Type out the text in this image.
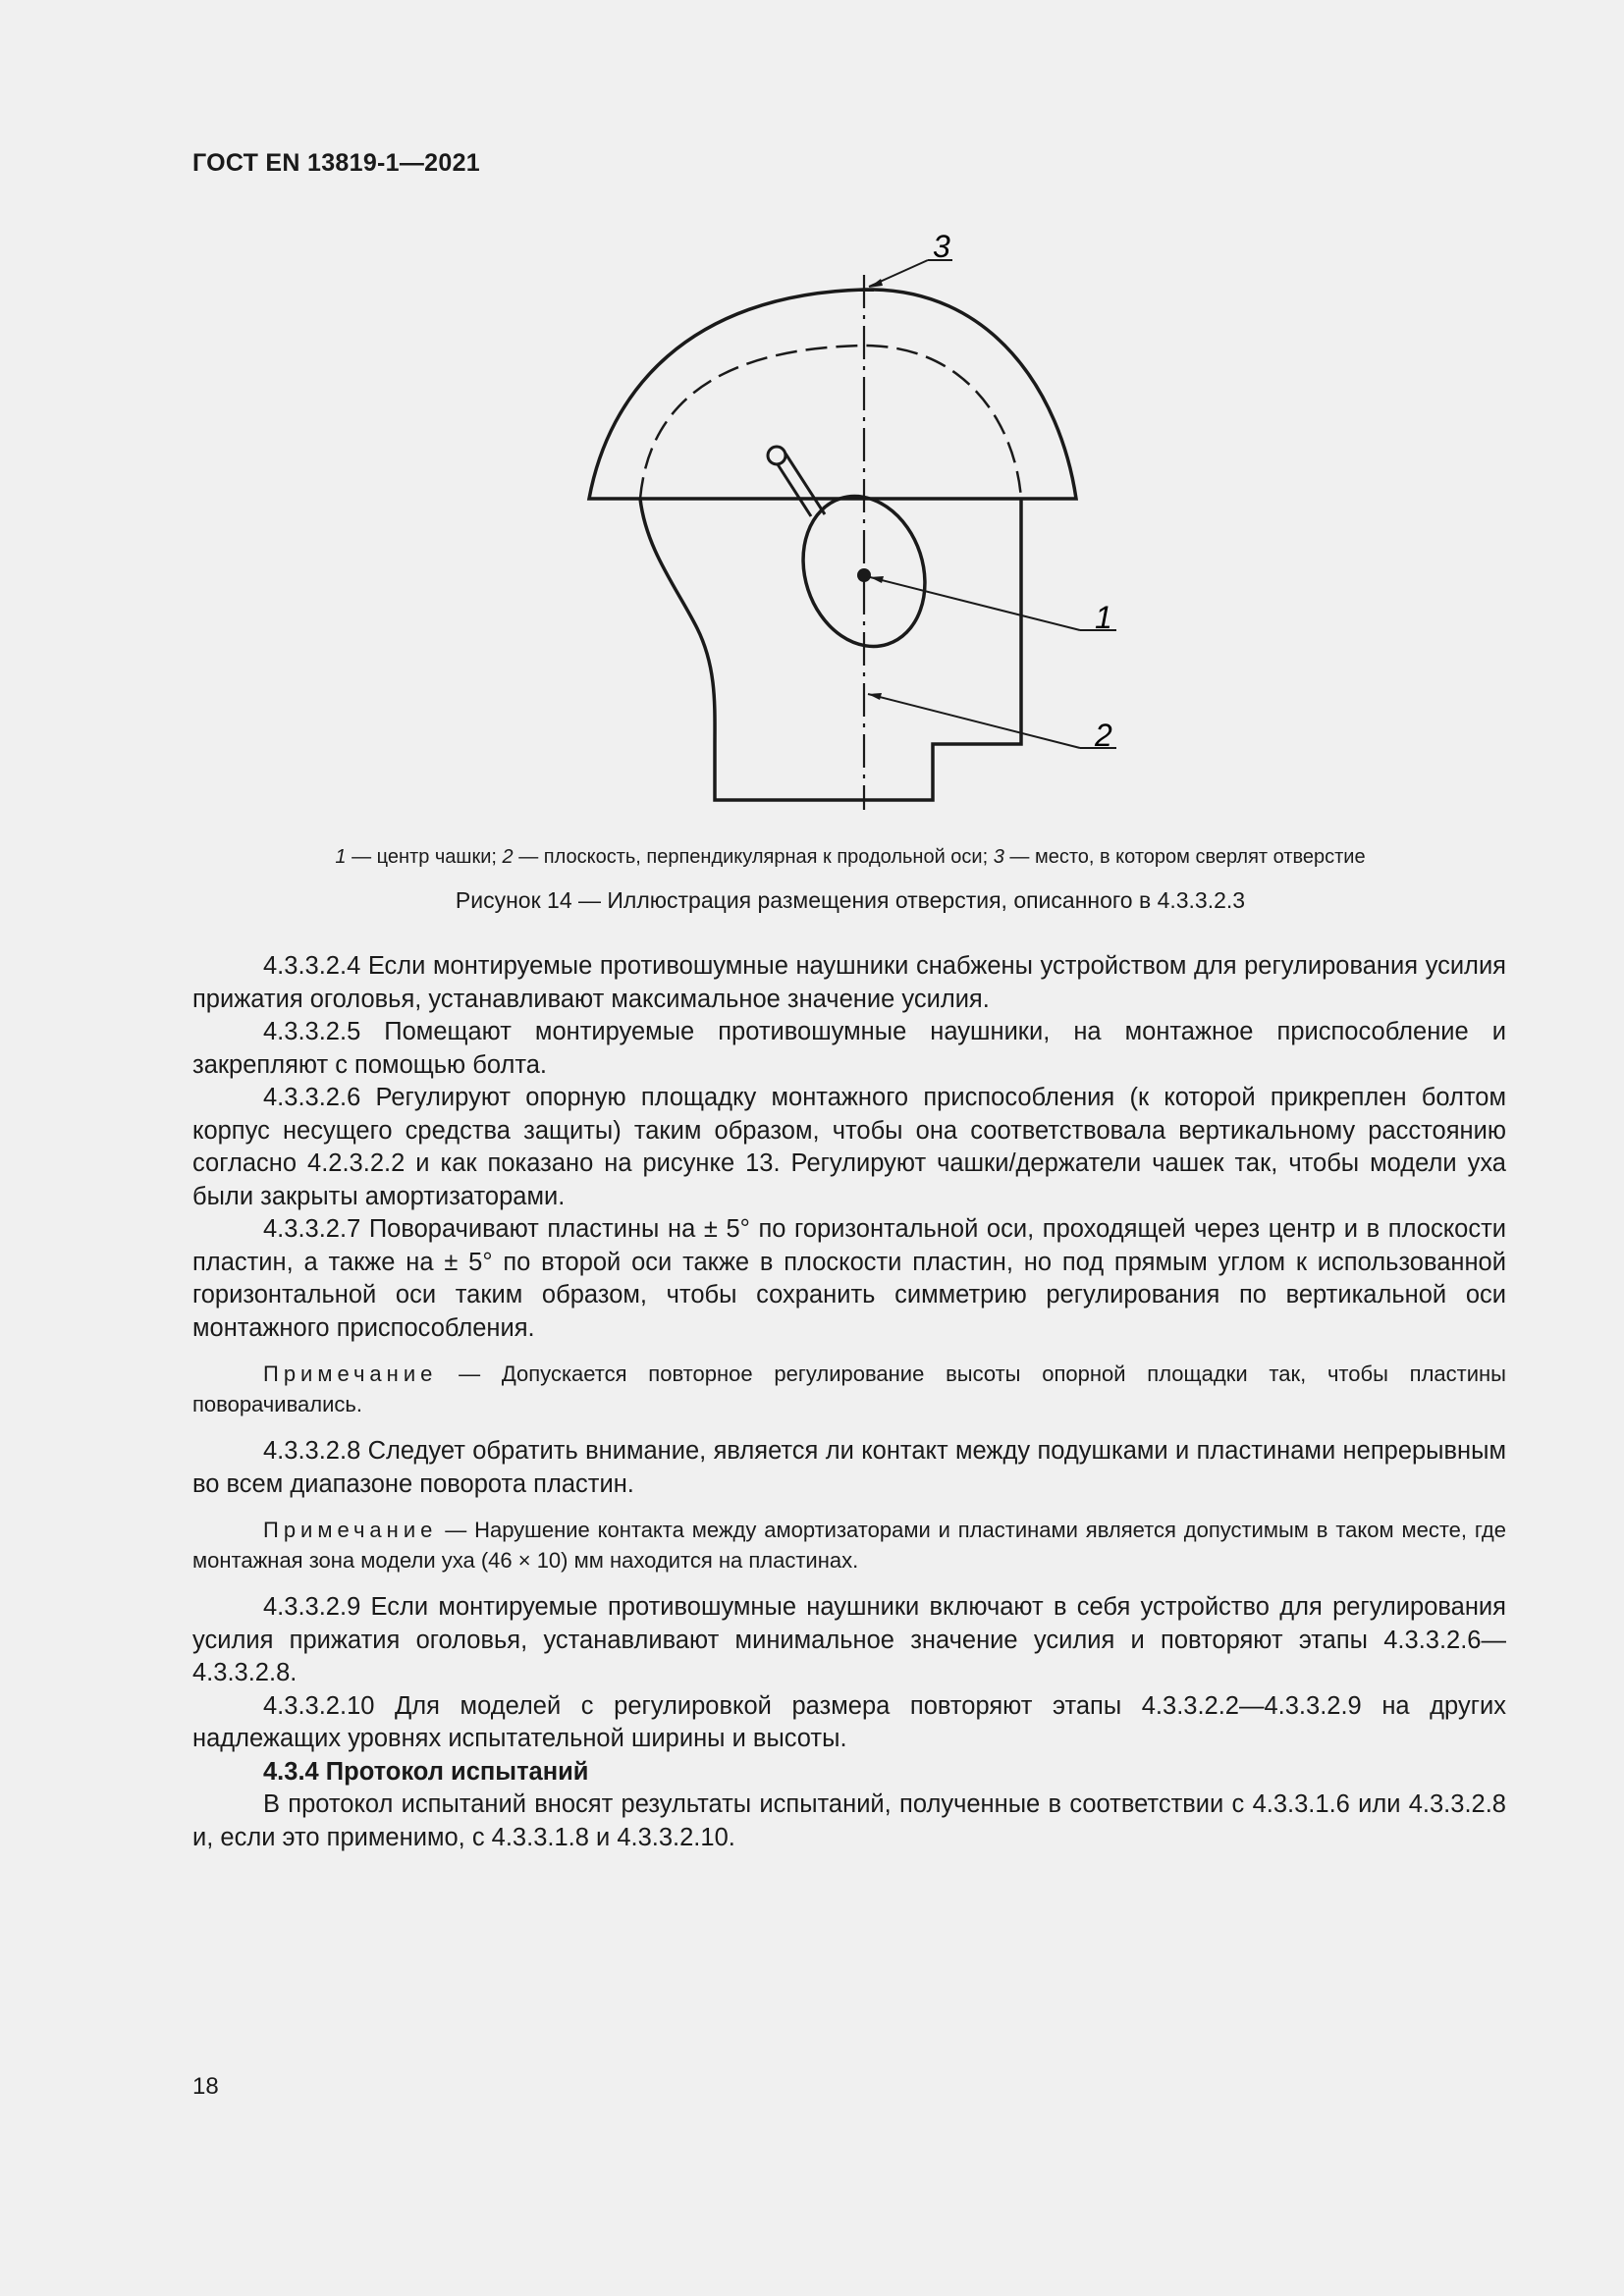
ГОСТ EN 13819-1—2021
3
1
2
1 — центр чашки; 2 — плоскость, перпендикулярная к продольной оси; 3 — место, в котором сверлят отверстие
Рисунок 14 — Иллюстрация размещения отверстия, описанного в 4.3.3.2.3

4.3.3.2.4 Если монтируемые противошумные наушники снабжены устройством для регулирования усилия прижатия оголовья, устанавливают максимальное значение усилия.

4.3.3.2.5 Помещают монтируемые противошумные наушники, на монтажное приспособление и закрепляют с помощью болта.

4.3.3.2.6 Регулируют опорную площадку монтажного приспособления (к которой прикреплен болтом корпус несущего средства защиты) таким образом, чтобы она соответствовала вертикальному расстоянию согласно 4.2.3.2.2 и как показано на рисунке 13. Регулируют чашки/держатели чашек так, чтобы модели уха были закрыты амортизаторами.

4.3.3.2.7 Поворачивают пластины на ± 5° по горизонтальной оси, проходящей через центр и в плоскости пластин, а также на ± 5° по второй оси также в плоскости пластин, но под прямым углом к использованной горизонтальной оси таким образом, чтобы сохранить симметрию регулирования по вертикальной оси монтажного приспособления.

Примечание — Допускается повторное регулирование высоты опорной площадки так, чтобы пластины поворачивались.

4.3.3.2.8 Следует обратить внимание, является ли контакт между подушками и пластинами непрерывным во всем диапазоне поворота пластин.

Примечание — Нарушение контакта между амортизаторами и пластинами является допустимым в таком месте, где монтажная зона модели уха (46 × 10) мм находится на пластинах.

4.3.3.2.9 Если монтируемые противошумные наушники включают в себя устройство для регулирования усилия прижатия оголовья, устанавливают минимальное значение усилия и повторяют этапы 4.3.3.2.6—4.3.3.2.8.

4.3.3.2.10 Для моделей с регулировкой размера повторяют этапы 4.3.3.2.2—4.3.3.2.9 на других надлежащих уровнях испытательной ширины и высоты.

4.3.4 Протокол испытаний

В протокол испытаний вносят результаты испытаний, полученные в соответствии с 4.3.3.1.6 или 4.3.3.2.8 и, если это применимо, с 4.3.3.1.8 и 4.3.3.2.10.

18
